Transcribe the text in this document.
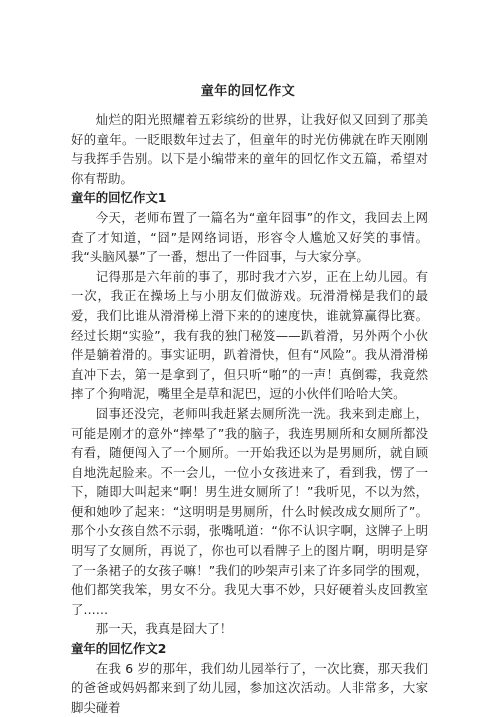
童年的回忆作文

灿烂的阳光照耀着五彩缤纷的世界，让我好似又回到了那美好的童年。一眨眼数年过去了，但童年的时光仿佛就在昨天刚刚与我挥手告别。以下是小编带来的童年的回忆作文五篇，希望对你有帮助。

童年的回忆作文1

今天，老师布置了一篇名为“童年囧事”的作文，我回去上网查了才知道，“囧”是网络词语，形容令人尴尬又好笑的事情。我“头脑风暴”了一番，想出了一件囧事，与大家分享。

记得那是六年前的事了，那时我才六岁，正在上幼儿园。有一次，我正在操场上与小朋友们做游戏。玩滑滑梯是我们的最爱，我们比谁从滑滑梯上滑下来的的速度快，谁就算赢得比赛。经过长期“实验”，我有我的独门秘笈——趴着滑，另外两个小伙伴是躺着滑的。事实证明，趴着滑快，但有“风险”。我从滑滑梯直冲下去，第一是拿到了，但只听“啪”的一声！真倒霉，我竟然摔了个狗啃泥，嘴里全是草和泥巴，逗的小伙伴们哈哈大笑。

囧事还没完，老师叫我赶紧去厕所洗一洗。我来到走廊上，可能是刚才的意外“摔晕了”我的脑子，我连男厕所和女厕所都没有看，随便闯入了一个厕所。一开始我还以为是男厕所，就自顾自地洗起脸来。不一会儿，一位小女孩进来了，看到我，愣了一下，随即大叫起来“啊！男生进女厕所了！”我听见，不以为然，便和她吵了起来：“这明明是男厕所，什么时候改成女厕所了”。那个小女孩自然不示弱，张嘴吼道：“你不认识字啊，这牌子上明明写了女厕所，再说了，你也可以看牌子上的图片啊，明明是穿了一条裙子的女孩子嘛！”我们的吵架声引来了许多同学的围观，他们都笑我笨，男女不分。我见大事不妙，只好硬着头皮回教室了……

那一天，我真是囧大了！

童年的回忆作文2

在我 6 岁的那年，我们幼儿园举行了，一次比赛，那天我们的爸爸或妈妈都来到了幼儿园，参加这次活动。人非常多，大家脚尖碰着
